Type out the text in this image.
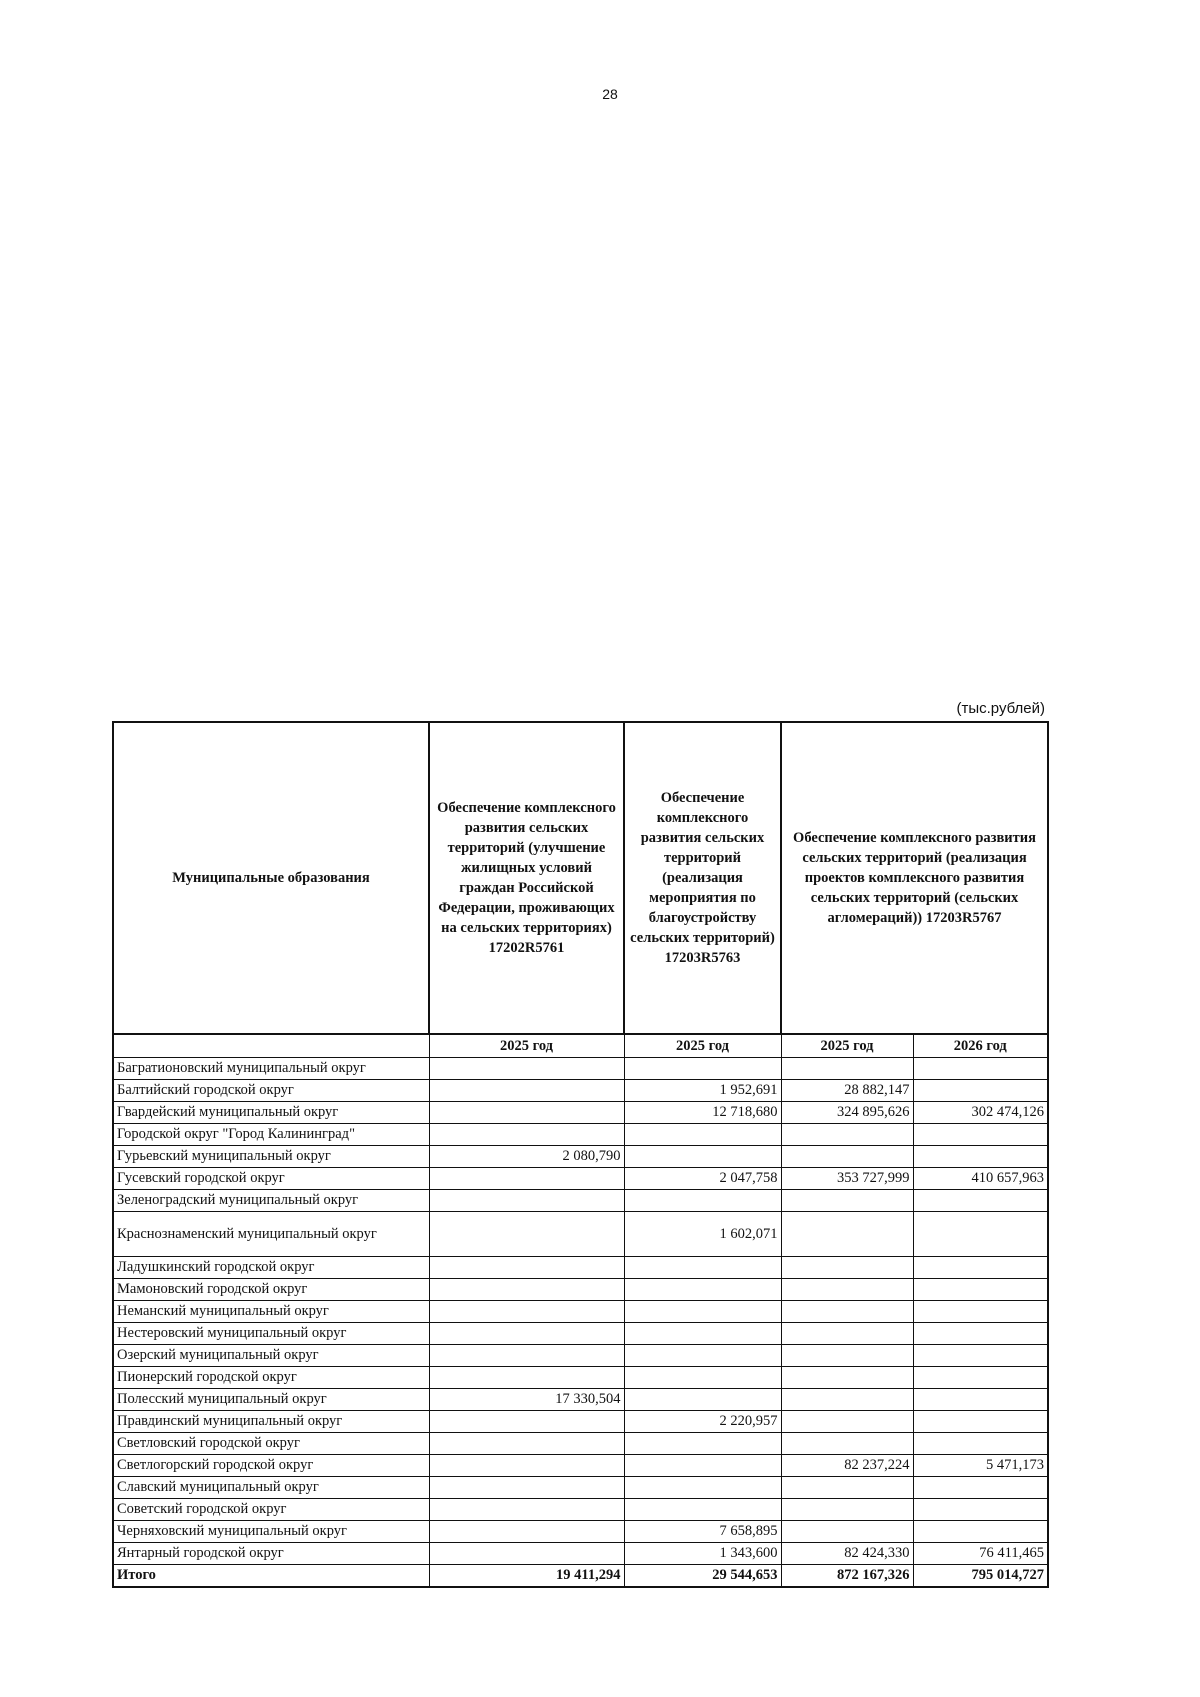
28
(тыс.рублей)
Муниципальные образования	Обеспечение комплексного развития сельских территорий (улучшение жилищных условий граждан Российской Федерации, проживающих на сельских территориях) 17202R5761	Обеспечение комплексного развития сельских территорий (реализация мероприятия по благоустройству сельских территорий) 17203R5763	Обеспечение комплексного развития сельских территорий (реализация проектов комплексного развития сельских территорий (сельских агломераций)) 17203R5767	
	2025 год	2025 год	2025 год	2026 год
Багратионовский муниципальный округ				
Балтийский городской округ		1 952,691	28 882,147	
Гвардейский муниципальный округ		12 718,680	324 895,626	302 474,126
Городской округ "Город Калининград"				
Гурьевский муниципальный округ	2 080,790			
Гусевский городской округ		2 047,758	353 727,999	410 657,963
Зеленоградский муниципальный округ				
Краснознаменский муниципальный округ		1 602,071		
Ладушкинский городской округ				
Мамоновский городской округ				
Неманский муниципальный округ				
Нестеровский муниципальный округ				
Озерский муниципальный округ				
Пионерский городской округ				
Полесский муниципальный округ	17 330,504			
Правдинский муниципальный округ		2 220,957		
Светловский городской округ				
Светлогорский городской округ			82 237,224	5 471,173
Славский муниципальный округ				
Советский городской округ				
Черняховский муниципальный округ		7 658,895		
Янтарный городской округ		1 343,600	82 424,330	76 411,465
Итого	19 411,294	29 544,653	872 167,326	795 014,727
